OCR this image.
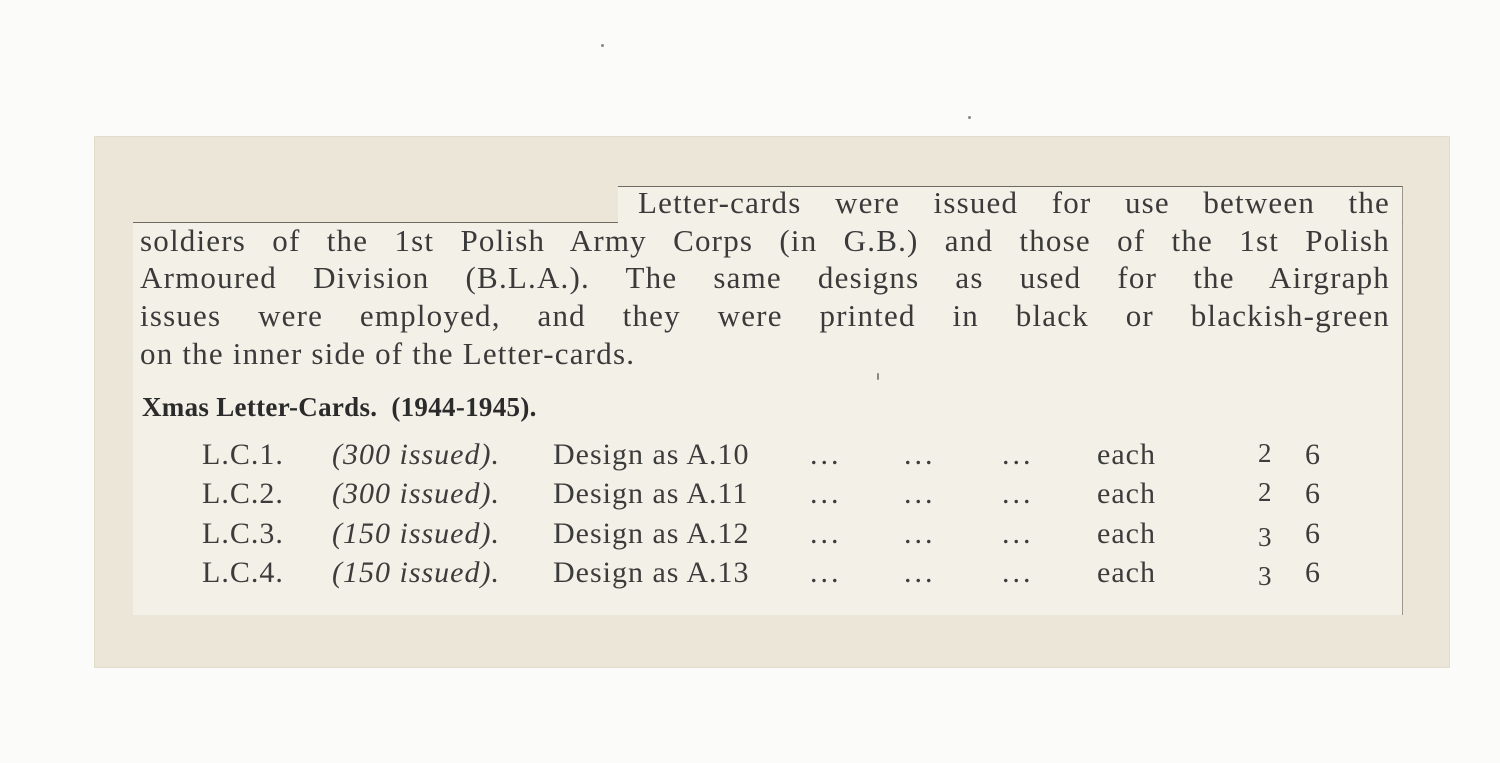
Letter-cards were issued for use between the
soldiers of the 1st Polish Army Corps (in G.B.) and those of the 1st Polish
Armoured Division (B.L.A.). The same designs as used for the Airgraph
issues were employed, and they were printed in black or blackish-green
on the inner side of the Letter-cards.
Xmas Letter-Cards. (1944-1945).
L.C.1. (300 issued). Design as A.10 ... ... ... each	2 6
L.C.2. (300 issued). Design as A.11 ... ... ... each	2 6
L.C.3. (150 issued). Design as A.12 ... ... ... each	3 6
L.C.4. (150 issued). Design as A.13 ... ... ... each	3 6
